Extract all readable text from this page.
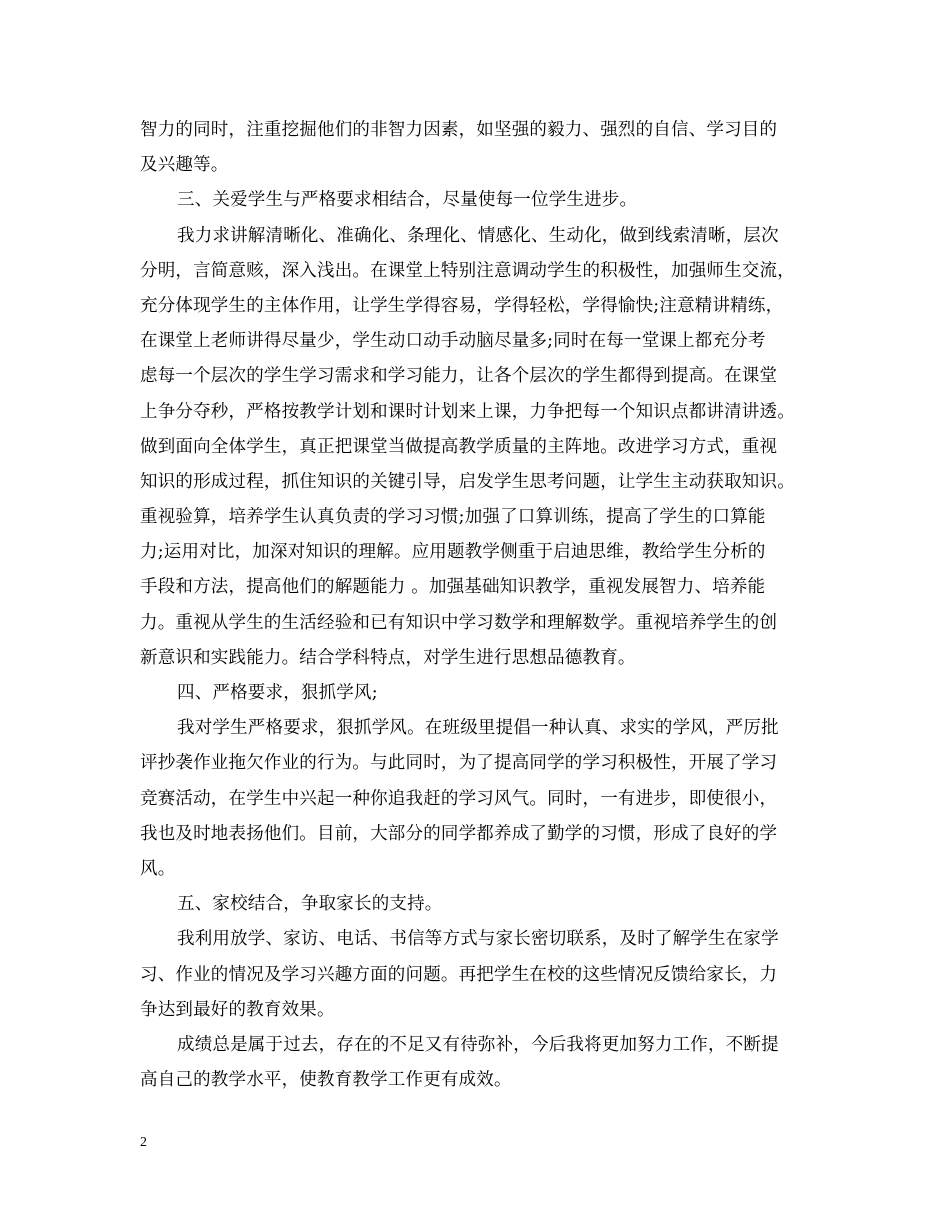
智力的同时，注重挖掘他们的非智力因素，如坚强的毅力、强烈的自信、学习目的
及兴趣等。
三、关爱学生与严格要求相结合，尽量使每一位学生进步。
我力求讲解清晰化、准确化、条理化、情感化、生动化，做到线索清晰，层次
分明，言简意赅，深入浅出。在课堂上特别注意调动学生的积极性，加强师生交流，
充分体现学生的主体作用，让学生学得容易，学得轻松，学得愉快;注意精讲精练，
在课堂上老师讲得尽量少，学生动口动手动脑尽量多;同时在每一堂课上都充分考
虑每一个层次的学生学习需求和学习能力，让各个层次的学生都得到提高。在课堂
上争分夺秒，严格按教学计划和课时计划来上课，力争把每一个知识点都讲清讲透。
做到面向全体学生，真正把课堂当做提高教学质量的主阵地。改进学习方式，重视
知识的形成过程，抓住知识的关键引导，启发学生思考问题，让学生主动获取知识。
重视验算，培养学生认真负责的学习习惯;加强了口算训练，提高了学生的口算能
力;运用对比，加深对知识的理解。应用题教学侧重于启迪思维，教给学生分析的
手段和方法，提高他们的解题能力 。加强基础知识教学，重视发展智力、培养能
力。重视从学生的生活经验和已有知识中学习数学和理解数学。重视培养学生的创
新意识和实践能力。结合学科特点，对学生进行思想品德教育。
四、严格要求，狠抓学风;
我对学生严格要求，狠抓学风。在班级里提倡一种认真、求实的学风，严厉批
评抄袭作业拖欠作业的行为。与此同时，为了提高同学的学习积极性，开展了学习
竞赛活动，在学生中兴起一种你追我赶的学习风气。同时，一有进步，即使很小，
我也及时地表扬他们。目前，大部分的同学都养成了勤学的习惯，形成了良好的学
风。
五、家校结合，争取家长的支持。
我利用放学、家访、电话、书信等方式与家长密切联系，及时了解学生在家学
习、作业的情况及学习兴趣方面的问题。再把学生在校的这些情况反馈给家长，力
争达到最好的教育效果。
成绩总是属于过去，存在的不足又有待弥补，今后我将更加努力工作，不断提
高自己的教学水平，使教育教学工作更有成效。
2
